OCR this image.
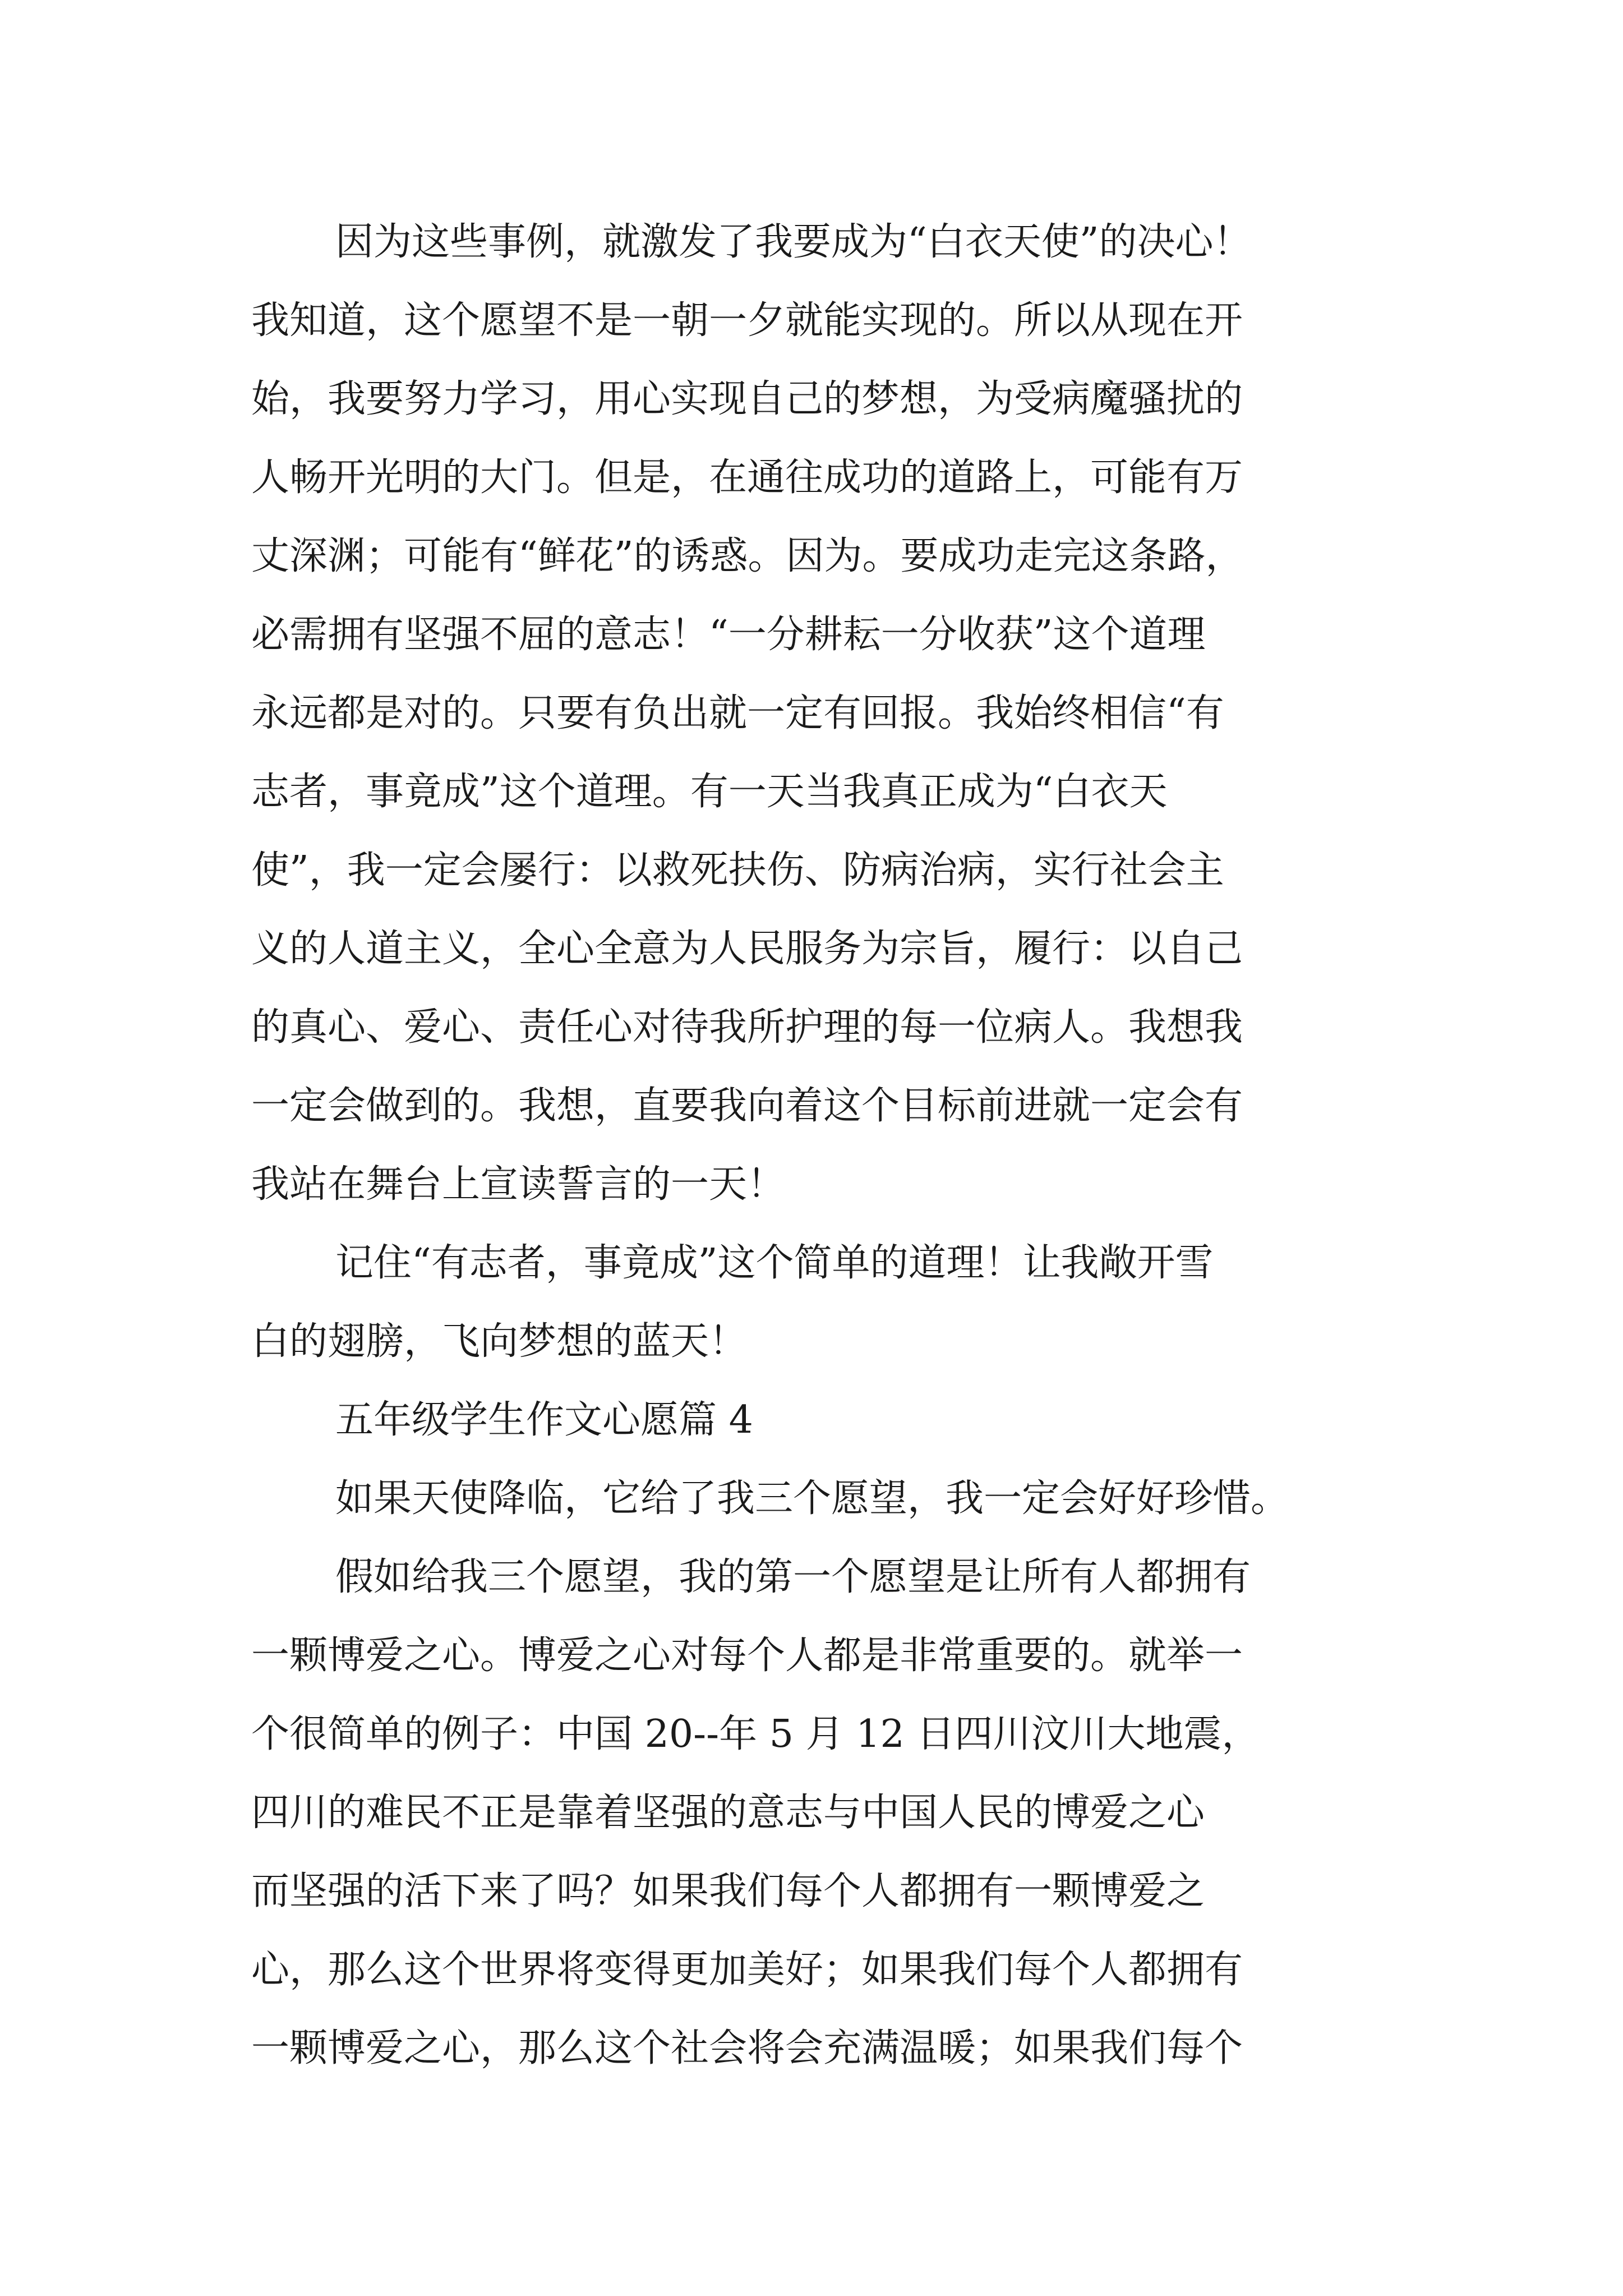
因为这些事例，就激发了我要成为“白衣天使”的决心！
我知道，这个愿望不是一朝一夕就能实现的。所以从现在开
始，我要努力学习，用心实现自己的梦想，为受病魔骚扰的
人畅开光明的大门。但是，在通往成功的道路上，可能有万
丈深渊；可能有“鲜花”的诱惑。因为。要成功走完这条路，
必需拥有坚强不屈的意志！“一分耕耘一分收获”这个道理
永远都是对的。只要有负出就一定有回报。我始终相信“有
志者，事竟成”这个道理。有一天当我真正成为“白衣天
使”，我一定会屡行：以救死扶伤、防病治病，实行社会主
义的人道主义，全心全意为人民服务为宗旨，履行：以自己
的真心、爱心、责任心对待我所护理的每一位病人。我想我
一定会做到的。我想，直要我向着这个目标前进就一定会有
我站在舞台上宣读誓言的一天！
记住“有志者，事竟成”这个简单的道理！让我敞开雪
白的翅膀，飞向梦想的蓝天！
五年级学生作文心愿篇 4
如果天使降临，它给了我三个愿望，我一定会好好珍惜。
假如给我三个愿望，我的第一个愿望是让所有人都拥有
一颗博爱之心。博爱之心对每个人都是非常重要的。就举一
个很简单的例子：中国 20--年 5 月 12 日四川汶川大地震，
四川的难民不正是靠着坚强的意志与中国人民的博爱之心
而坚强的活下来了吗？如果我们每个人都拥有一颗博爱之
心，那么这个世界将变得更加美好；如果我们每个人都拥有
一颗博爱之心，那么这个社会将会充满温暖；如果我们每个
